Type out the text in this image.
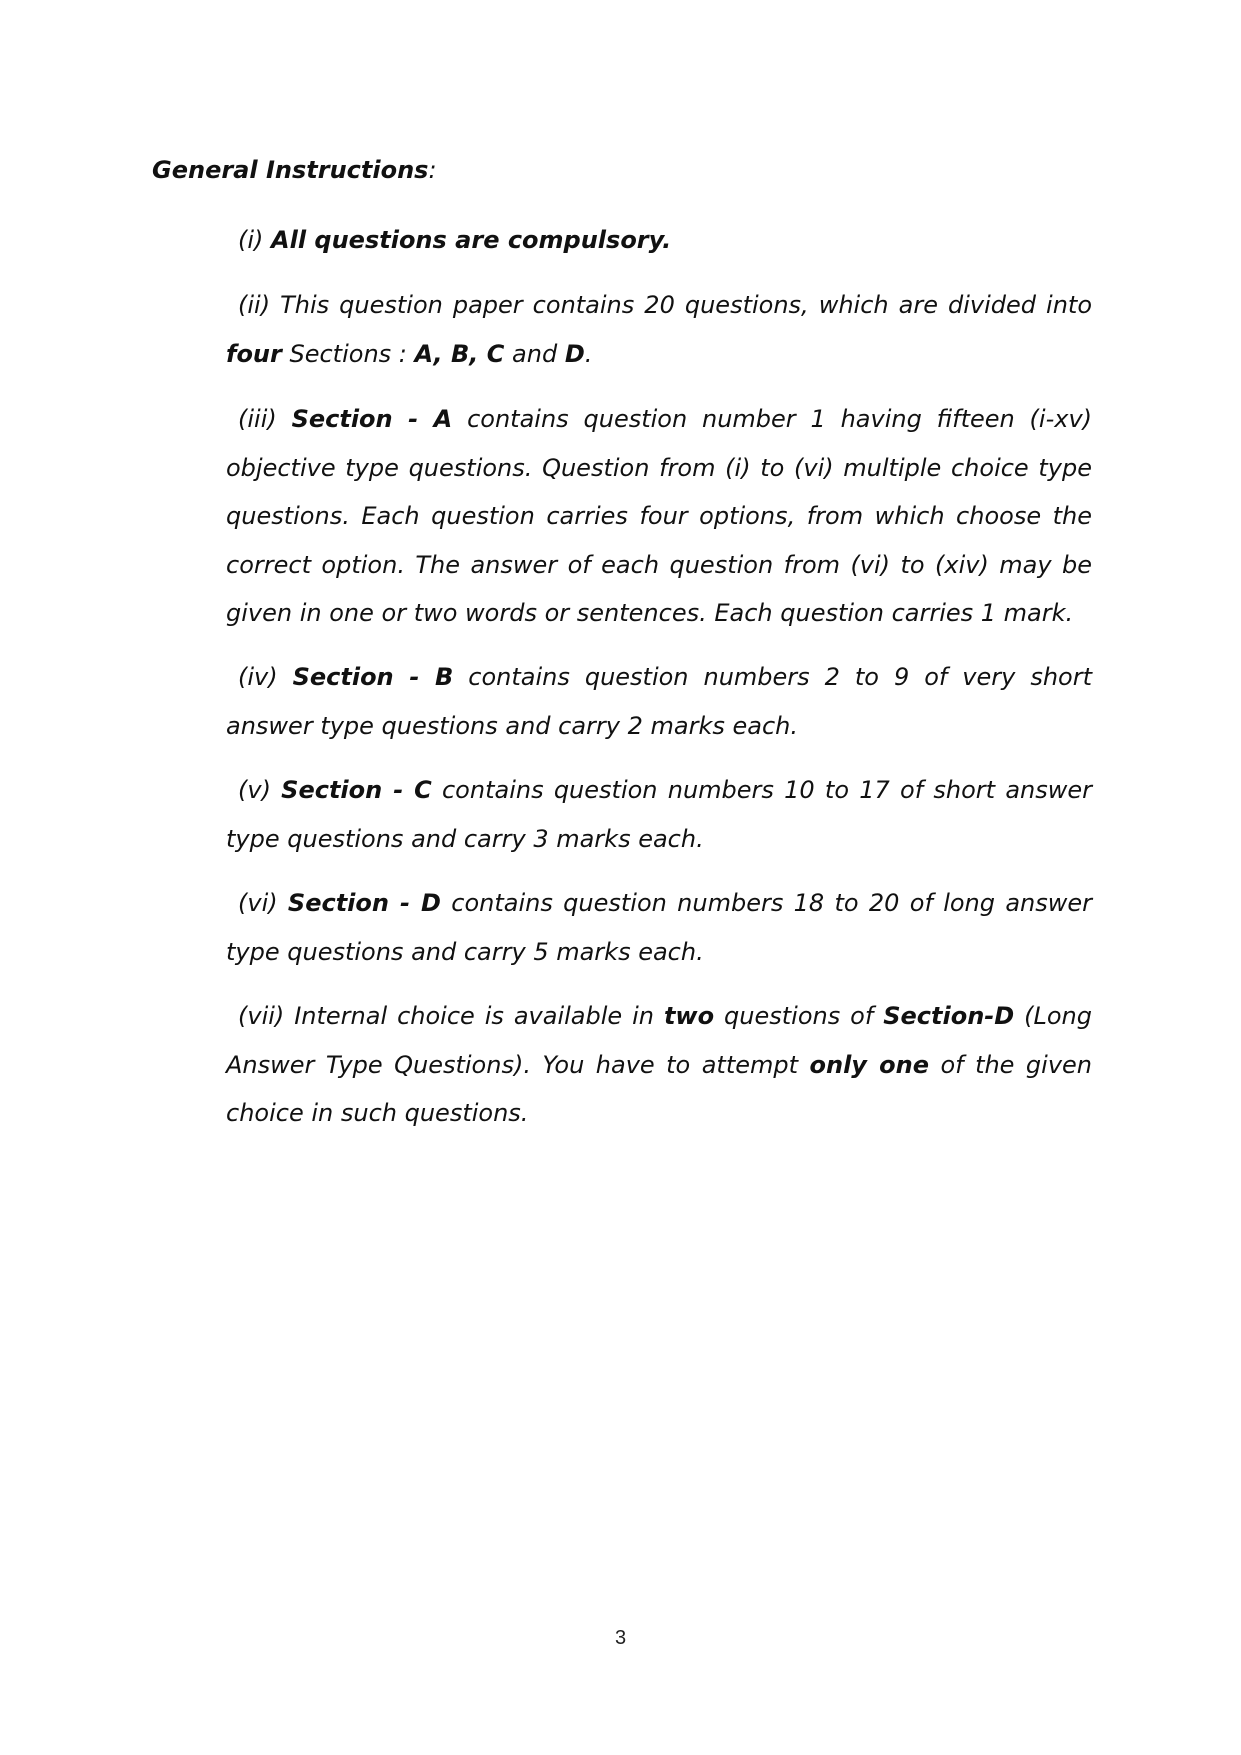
General Instructions:
(i) All questions are compulsory.
(ii) This question paper contains 20 questions, which are divided into four Sections : A, B, C and D.
(iii) Section - A contains question number 1 having fifteen (i-xv) objective type questions. Question from (i) to (vi) multiple choice type questions. Each question carries four options, from which choose the correct option. The answer of each question from (vi) to (xiv) may be given in one or two words or sentences. Each question carries 1 mark.
(iv) Section - B contains question numbers 2 to 9 of very short answer type questions and carry 2 marks each.
(v) Section - C contains question numbers 10 to 17 of short answer type questions and carry 3 marks each.
(vi) Section - D contains question numbers 18 to 20 of long answer type questions and carry 5 marks each.
(vii) Internal choice is available in two questions of Section-D (Long Answer Type Questions). You have to attempt only one of the given choice in such questions.
3
